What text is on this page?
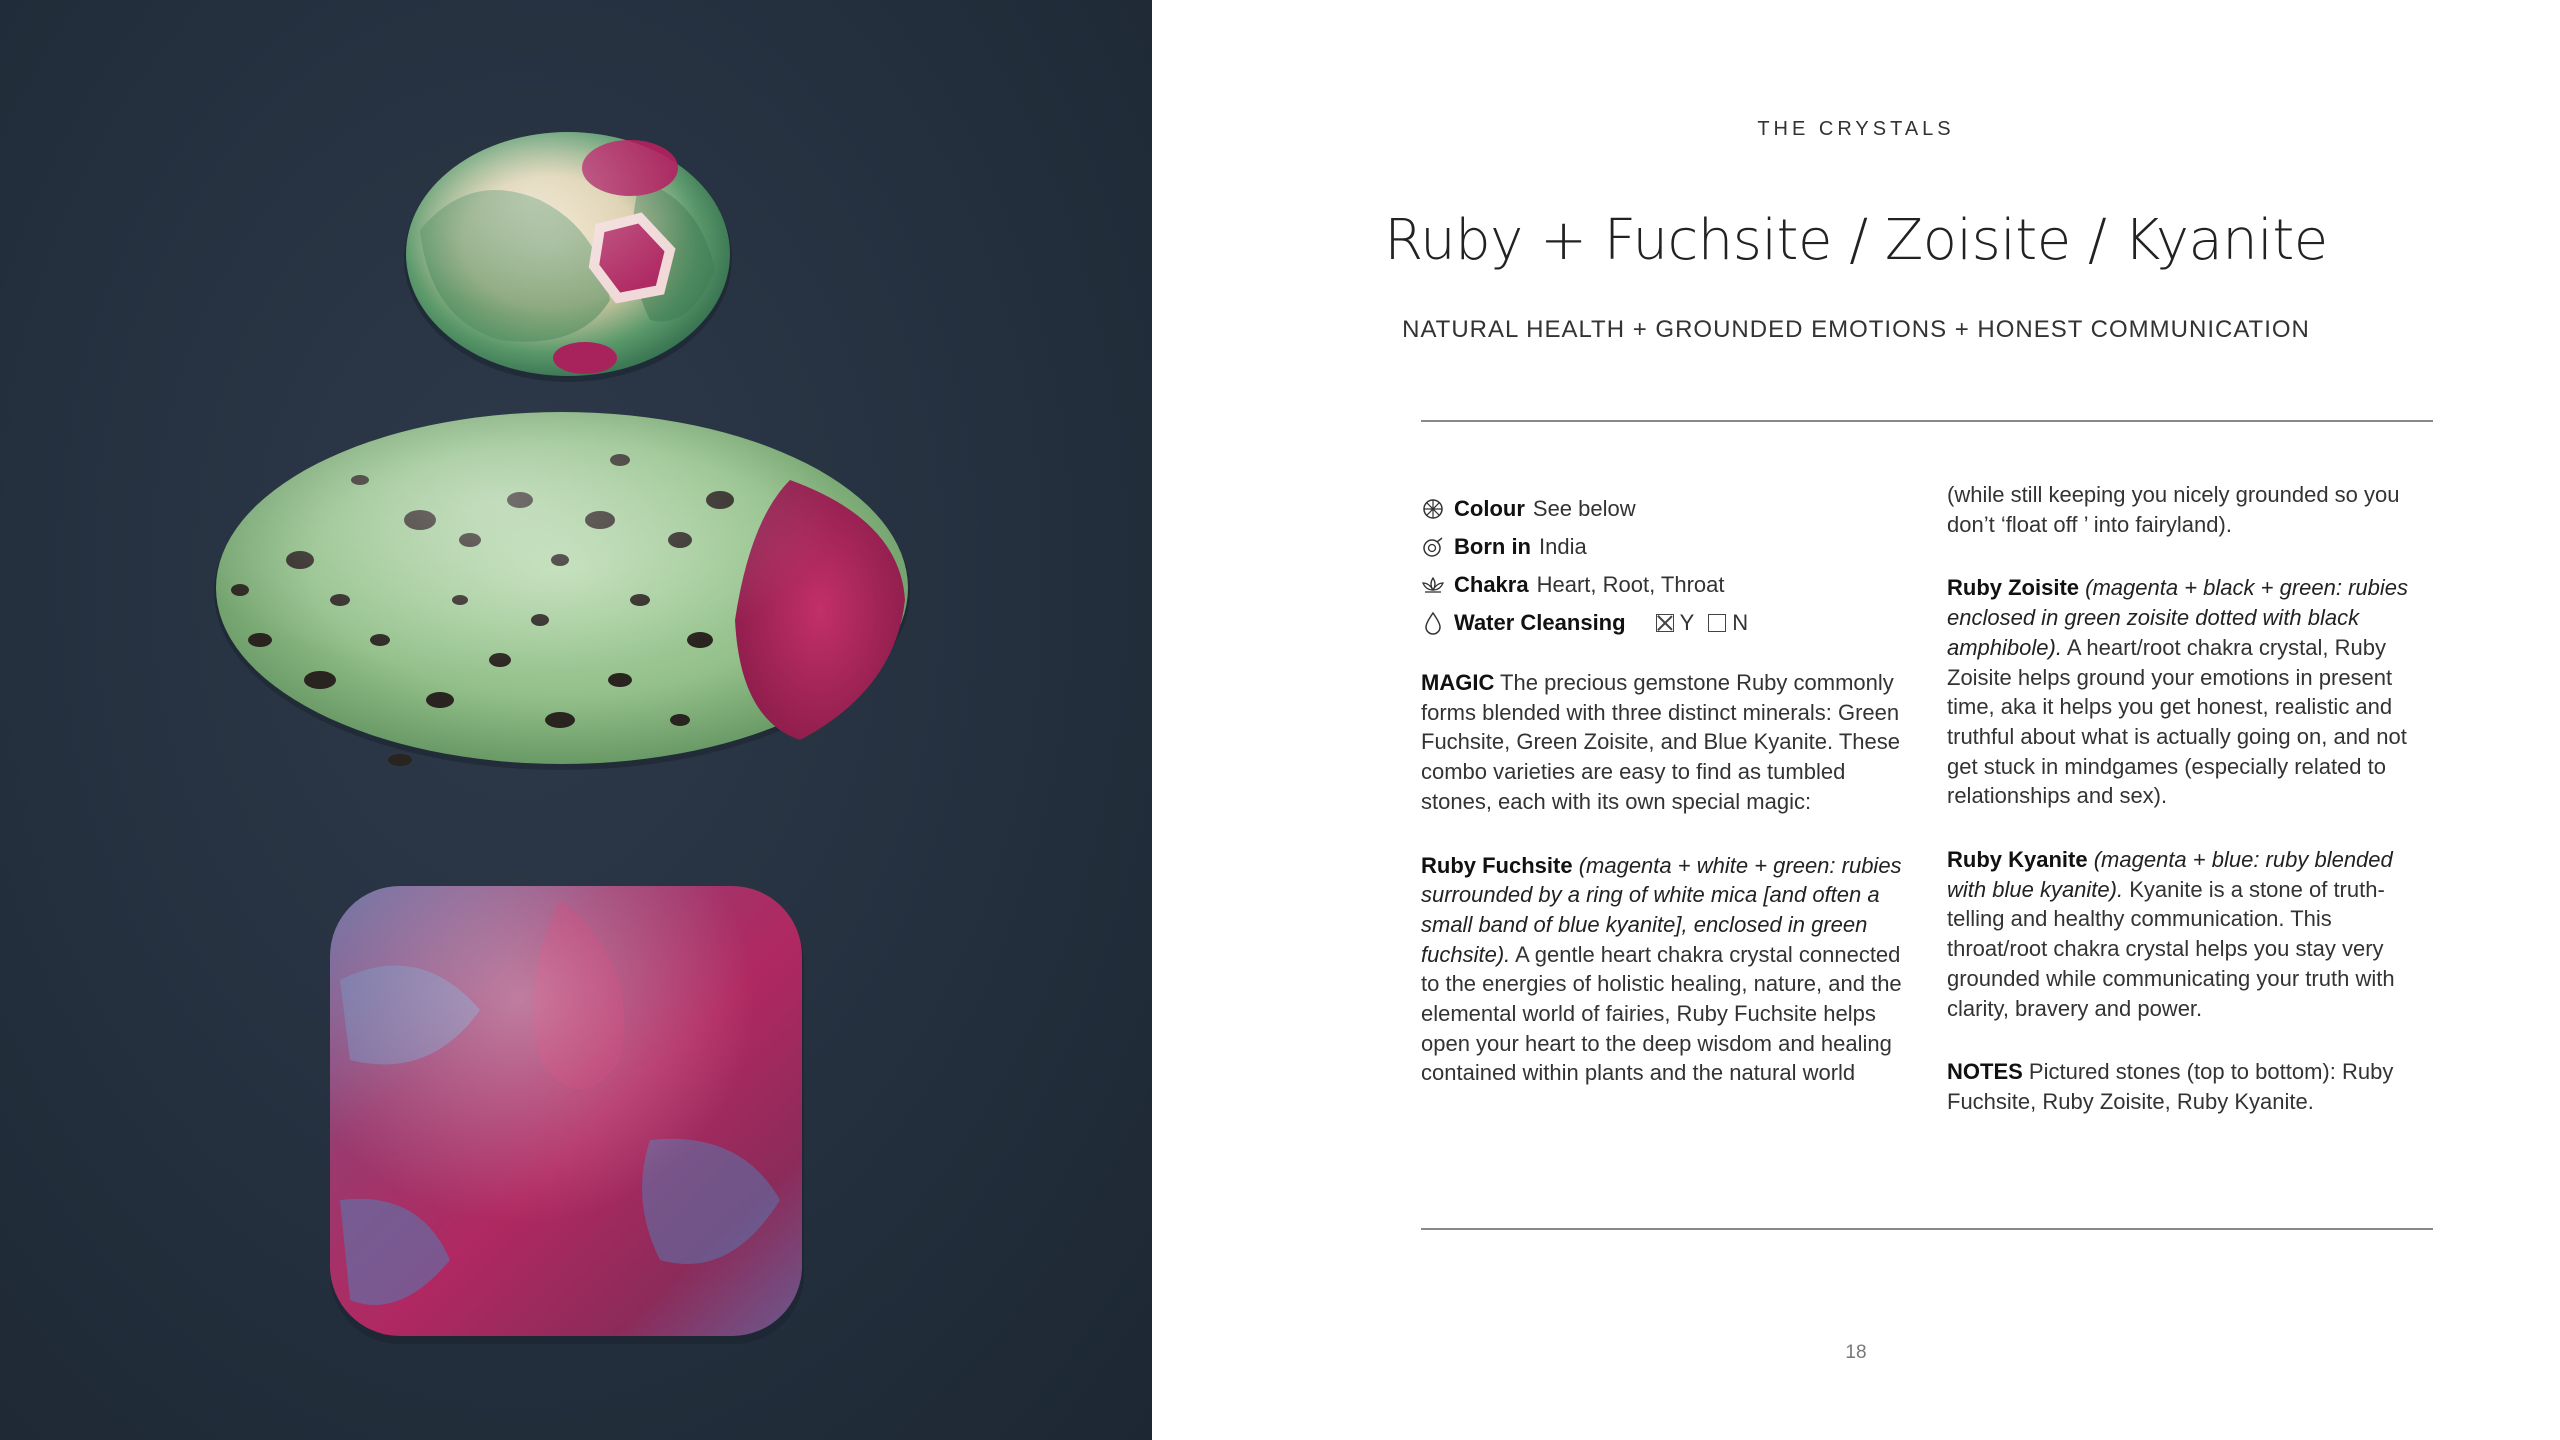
THE CRYSTALS
Ruby + Fuchsite / Zoisite / Kyanite
NATURAL HEALTH + GROUNDED EMOTIONS + HONEST COMMUNICATION
Colour See below
Born in India
Chakra Heart, Root, Throat
Water Cleansing Y N

MAGIC The precious gemstone Ruby commonly forms blended with three distinct minerals: Green Fuchsite, Green Zoisite, and Blue Kyanite. These combo varieties are easy to find as tumbled stones, each with its own special magic:

Ruby Fuchsite (magenta + white + green: rubies surrounded by a ring of white mica [and often a small band of blue kyanite], enclosed in green fuchsite). A gentle heart chakra crystal connected to the energies of holistic healing, nature, and the elemental world of fairies, Ruby Fuchsite helps open your heart to the deep wisdom and healing contained within plants and the natural world

(while still keeping you nicely grounded so you don’t ‘float off ’ into fairyland).

Ruby Zoisite (magenta + black + green: rubies enclosed in green zoisite dotted with black amphibole). A heart/root chakra crystal, Ruby Zoisite helps ground your emotions in present time, aka it helps you get honest, realistic and truthful about what is actually going on, and not get stuck in mindgames (especially related to relationships and sex).

Ruby Kyanite (magenta + blue: ruby blended with blue kyanite). Kyanite is a stone of truth-telling and healthy communication. This throat/root chakra crystal helps you stay very grounded while communicating your truth with clarity, bravery and power.

NOTES Pictured stones (top to bottom): Ruby Fuchsite, Ruby Zoisite, Ruby Kyanite.

18
